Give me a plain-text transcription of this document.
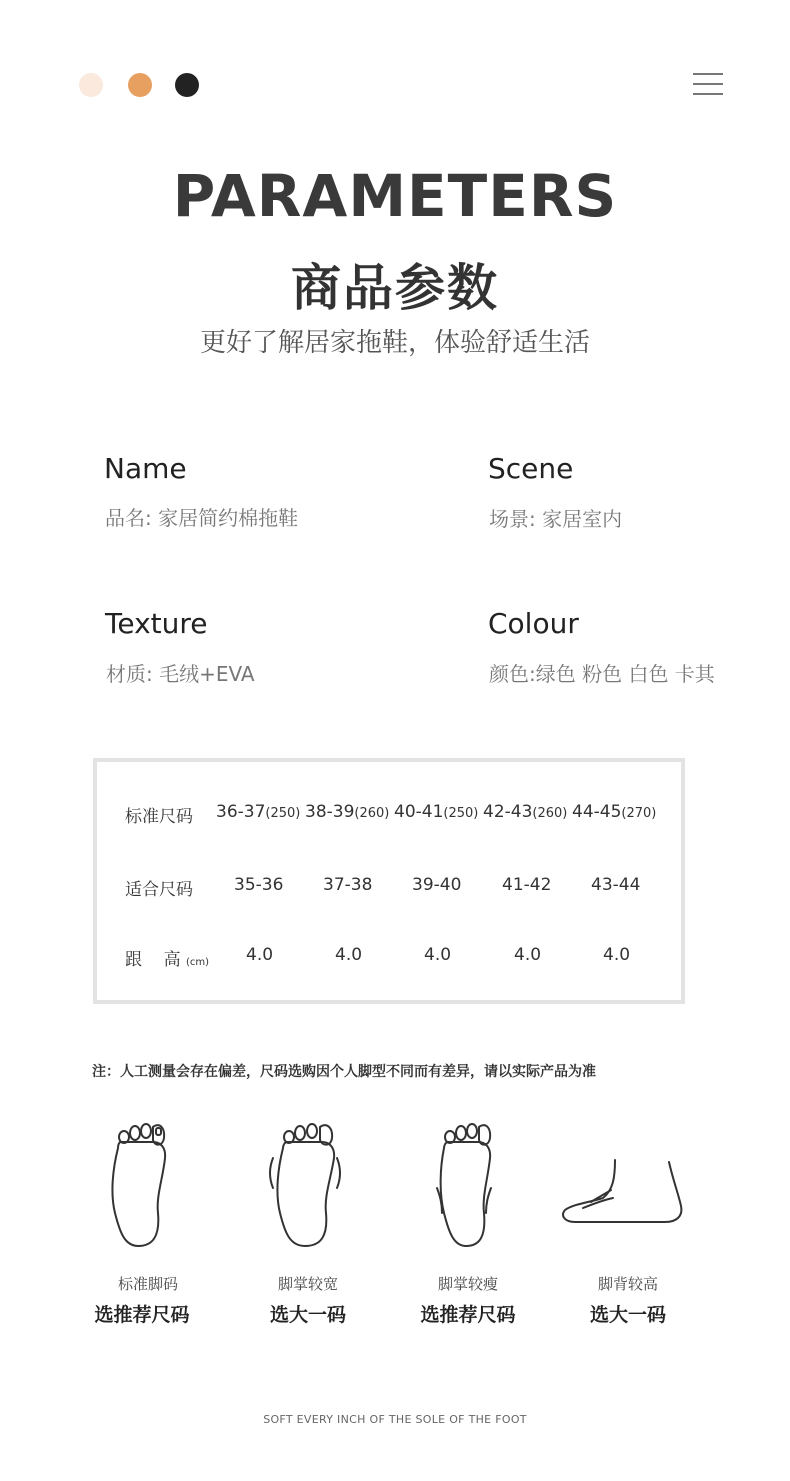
PARAMETERS
商品参数
更好了解居家拖鞋，体验舒适生活
Name
品名: 家居简约棉拖鞋
Scene
场景: 家居室内
Texture
材质: 毛绒+EVA
Colour
颜色:绿色 粉色 白色 卡其
标准尺码 36-37(250) 38-39(260) 40-41(250) 42-43(260) 44-45(270)
适合尺码 35-36 37-38 39-40 41-42 43-44
跟    高 (cm) 4.0	4.0	4.0	4.0	4.0
注：人工测量会存在偏差，尺码选购因个人脚型不同而有差异，请以实际产品为准
标准脚码
选推荐尺码
脚掌较宽
选大一码
脚掌较瘦
选推荐尺码
脚背较高
选大一码
SOFT EVERY INCH OF THE SOLE OF THE FOOT
